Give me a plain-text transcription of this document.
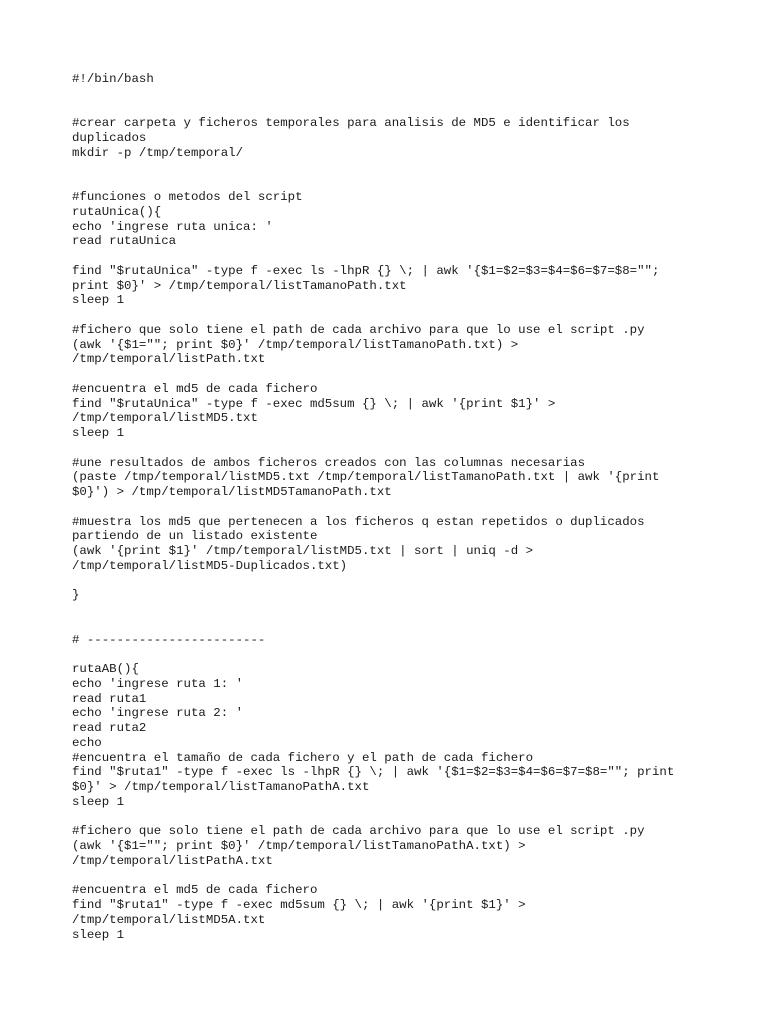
#!/bin/bash
#crear carpeta y ficheros temporales para analisis de MD5 e identificar los
duplicados
mkdir -p /tmp/temporal/
#funciones o metodos del script
rutaUnica(){
echo 'ingrese ruta unica: '
read rutaUnica
find "$rutaUnica" -type f -exec ls -lhpR {} \; | awk '{$1=$2=$3=$4=$6=$7=$8="";
print $0}' > /tmp/temporal/listTamanoPath.txt
sleep 1
#fichero que solo tiene el path de cada archivo para que lo use el script .py
(awk '{$1=""; print $0}' /tmp/temporal/listTamanoPath.txt) >
/tmp/temporal/listPath.txt
#encuentra el md5 de cada fichero
find "$rutaUnica" -type f -exec md5sum {} \; | awk '{print $1}' >
/tmp/temporal/listMD5.txt
sleep 1
#une resultados de ambos ficheros creados con las columnas necesarias
(paste /tmp/temporal/listMD5.txt /tmp/temporal/listTamanoPath.txt | awk '{print
$0}') > /tmp/temporal/listMD5TamanoPath.txt
#muestra los md5 que pertenecen a los ficheros q estan repetidos o duplicados
partiendo de un listado existente
(awk '{print $1}' /tmp/temporal/listMD5.txt | sort | uniq -d >
/tmp/temporal/listMD5-Duplicados.txt)
}
# ------------------------
rutaAB(){
echo 'ingrese ruta 1: '
read ruta1
echo 'ingrese ruta 2: '
read ruta2
echo
#encuentra el tamaño de cada fichero y el path de cada fichero
find "$ruta1" -type f -exec ls -lhpR {} \; | awk '{$1=$2=$3=$4=$6=$7=$8=""; print
$0}' > /tmp/temporal/listTamanoPathA.txt
sleep 1
#fichero que solo tiene el path de cada archivo para que lo use el script .py
(awk '{$1=""; print $0}' /tmp/temporal/listTamanoPathA.txt) >
/tmp/temporal/listPathA.txt
#encuentra el md5 de cada fichero
find "$ruta1" -type f -exec md5sum {} \; | awk '{print $1}' >
/tmp/temporal/listMD5A.txt
sleep 1
